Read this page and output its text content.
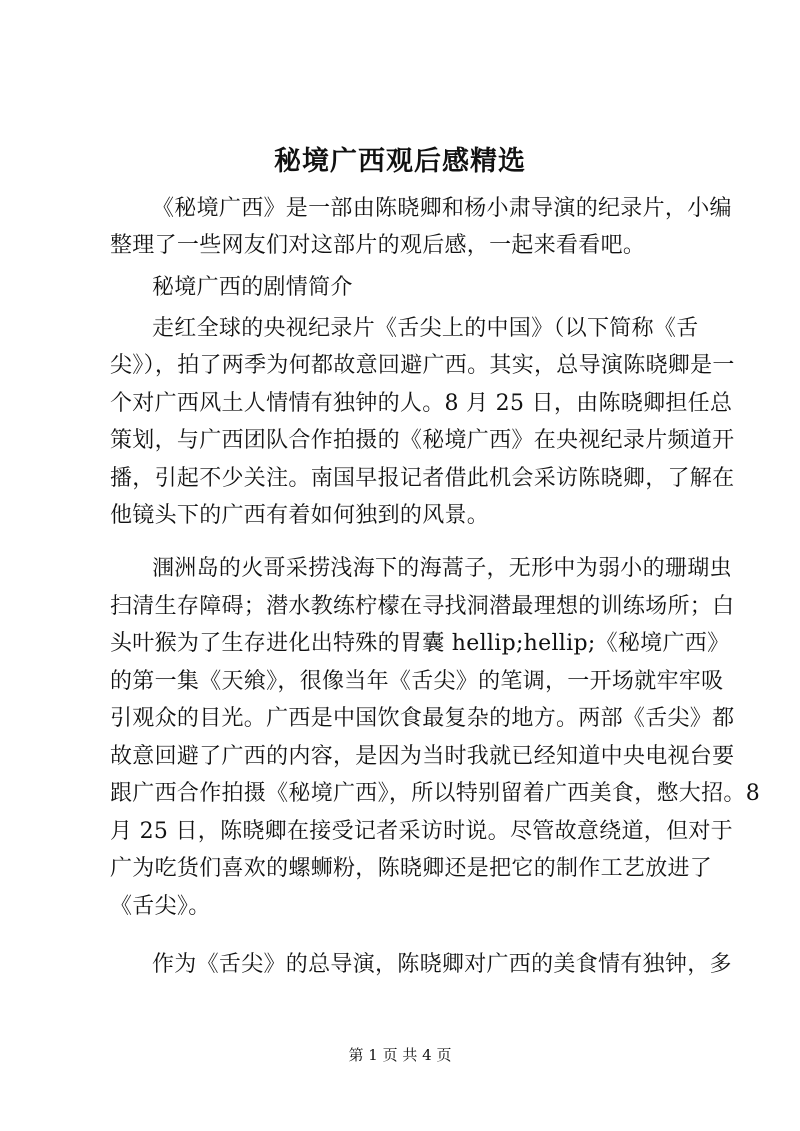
秘境广西观后感精选
《秘境广西》是一部由陈晓卿和杨小肃导演的纪录片，小编
整理了一些网友们对这部片的观后感，一起来看看吧。
秘境广西的剧情简介
走红全球的央视纪录片《舌尖上的中国》（以下简称《舌
尖》），拍了两季为何都故意回避广西。其实，总导演陈晓卿是一
个对广西风土人情情有独钟的人。8 月 25 日，由陈晓卿担任总
策划，与广西团队合作拍摄的《秘境广西》在央视纪录片频道开
播，引起不少关注。南国早报记者借此机会采访陈晓卿，了解在
他镜头下的广西有着如何独到的风景。
涠洲岛的火哥采捞浅海下的海蒿子，无形中为弱小的珊瑚虫
扫清生存障碍；潜水教练柠檬在寻找洞潜最理想的训练场所；白
头叶猴为了生存进化出特殊的胃囊 hellip;hellip;《秘境广西》
的第一集《天飨》，很像当年《舌尖》的笔调，一开场就牢牢吸
引观众的目光。广西是中国饮食最复杂的地方。两部《舌尖》都
故意回避了广西的内容，是因为当时我就已经知道中央电视台要
跟广西合作拍摄《秘境广西》，所以特别留着广西美食，憋大招。8
月 25 日，陈晓卿在接受记者采访时说。尽管故意绕道，但对于
广为吃货们喜欢的螺蛳粉，陈晓卿还是把它的制作工艺放进了
《舌尖》。
作为《舌尖》的总导演，陈晓卿对广西的美食情有独钟，多
第 1 页 共 4 页
